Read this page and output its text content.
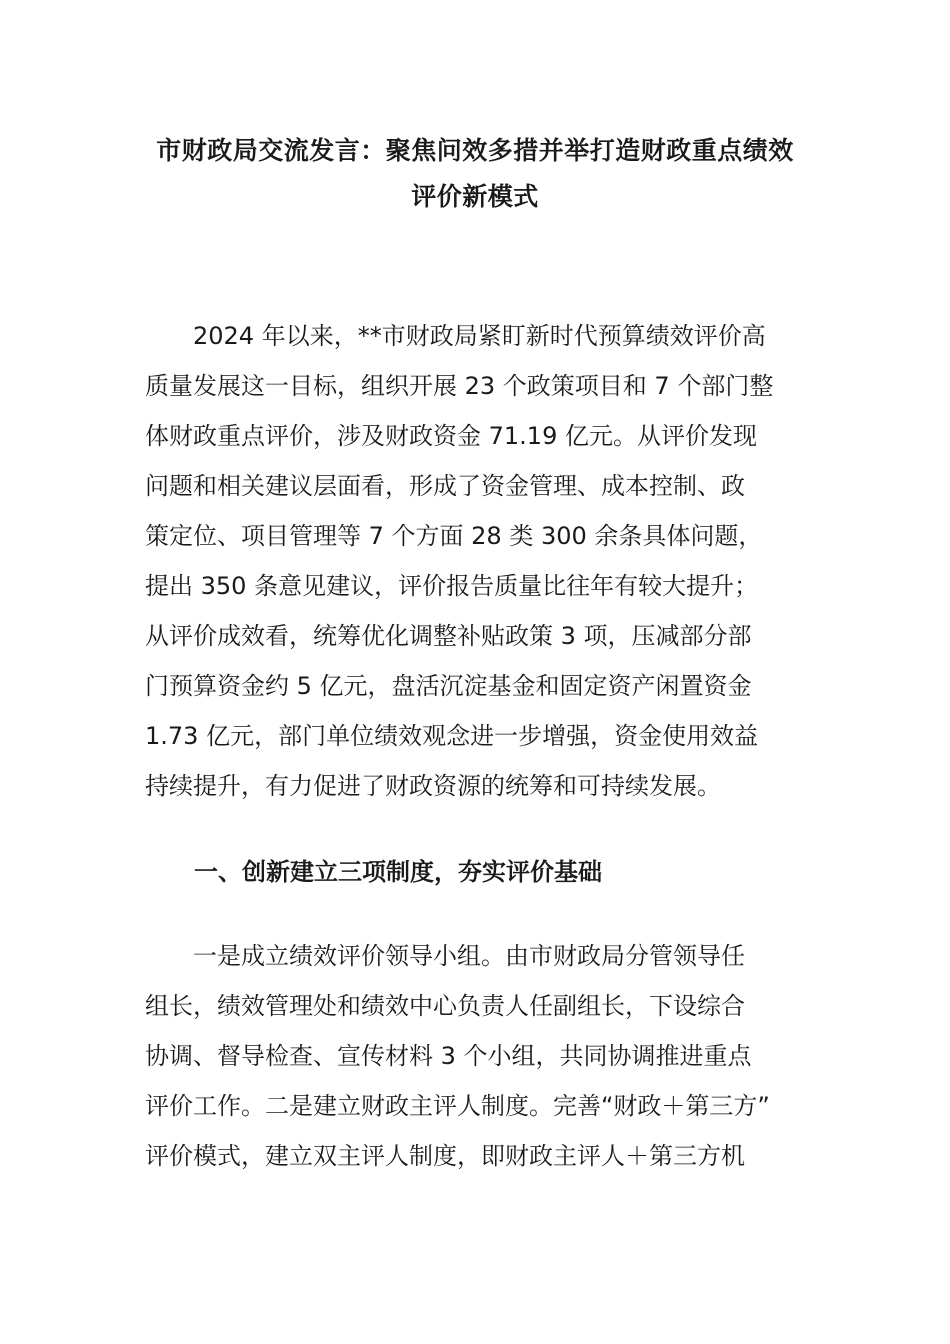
市财政局交流发言：聚焦问效多措并举打造财政重点绩效
评价新模式
　　2024 年以来，**市财政局紧盯新时代预算绩效评价高
质量发展这一目标，组织开展 23 个政策项目和 7 个部门整
体财政重点评价，涉及财政资金 71.19 亿元。从评价发现
问题和相关建议层面看，形成了资金管理、成本控制、政
策定位、项目管理等 7 个方面 28 类 300 余条具体问题，
提出 350 条意见建议，评价报告质量比往年有较大提升；
从评价成效看，统筹优化调整补贴政策 3 项，压减部分部
门预算资金约 5 亿元，盘活沉淀基金和固定资产闲置资金
1.73 亿元，部门单位绩效观念进一步增强，资金使用效益
持续提升，有力促进了财政资源的统筹和可持续发展。
一、创新建立三项制度，夯实评价基础
　　一是成立绩效评价领导小组。由市财政局分管领导任
组长，绩效管理处和绩效中心负责人任副组长，下设综合
协调、督导检查、宣传材料 3 个小组，共同协调推进重点
评价工作。二是建立财政主评人制度。完善“财政＋第三方”
评价模式，建立双主评人制度，即财政主评人＋第三方机
